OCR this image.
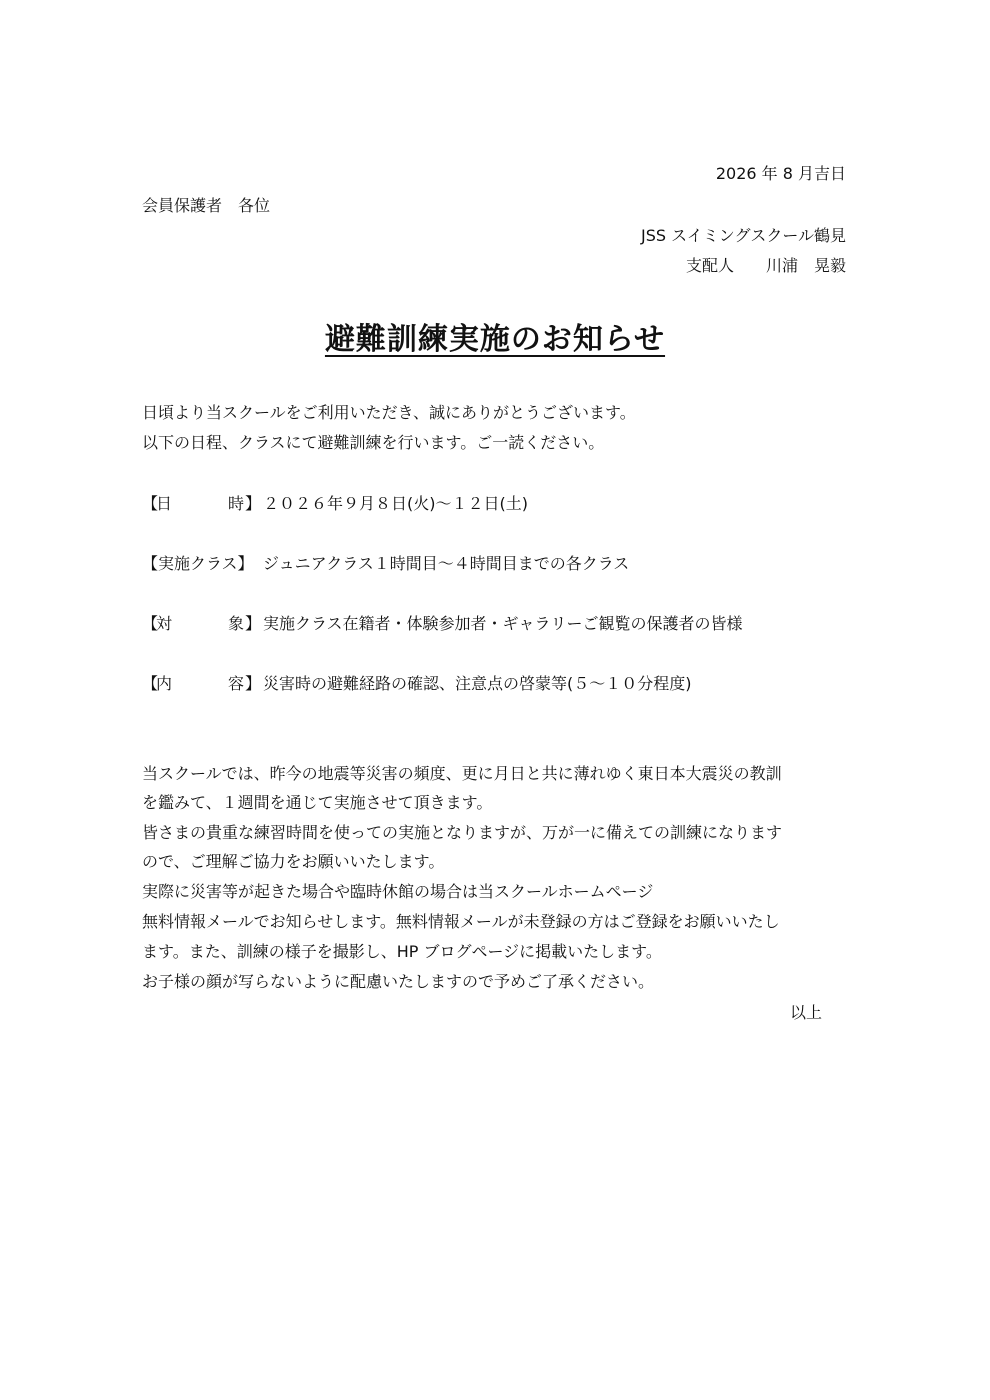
2026 年 8 月吉日
会員保護者　各位
JSS スイミングスクール鶴見
支配人　　川浦　晃毅
避難訓練実施のお知らせ
日頃より当スクールをご利用いただき、誠にありがとうございます。
以下の日程、クラスにて避難訓練を行います。ご一読ください。
【
日	時 】 ２０２６年９月８日(火)～１２日(土)
【実施クラス】 ジュニアクラス１時間目～４時間目までの各クラス
【
対	象 】 実施クラス在籍者・体験参加者・ギャラリーご観覧の保護者の皆様
【
内	容 】 災害時の避難経路の確認、注意点の啓蒙等(５～１０分程度)
当スクールでは、昨今の地震等災害の頻度、更に月日と共に薄れゆく東日本大震災の教訓
を鑑みて、１週間を通じて実施させて頂きます。
皆さまの貴重な練習時間を使っての実施となりますが、万が一に備えての訓練になります
ので、ご理解ご協力をお願いいたします。
実際に災害等が起きた場合や臨時休館の場合は当スクールホームページ
無料情報メールでお知らせします。無料情報メールが未登録の方はご登録をお願いいたし
ます。また、訓練の様子を撮影し、HP ブログページに掲載いたします。
お子様の顔が写らないように配慮いたしますので予めご了承ください。
以上
